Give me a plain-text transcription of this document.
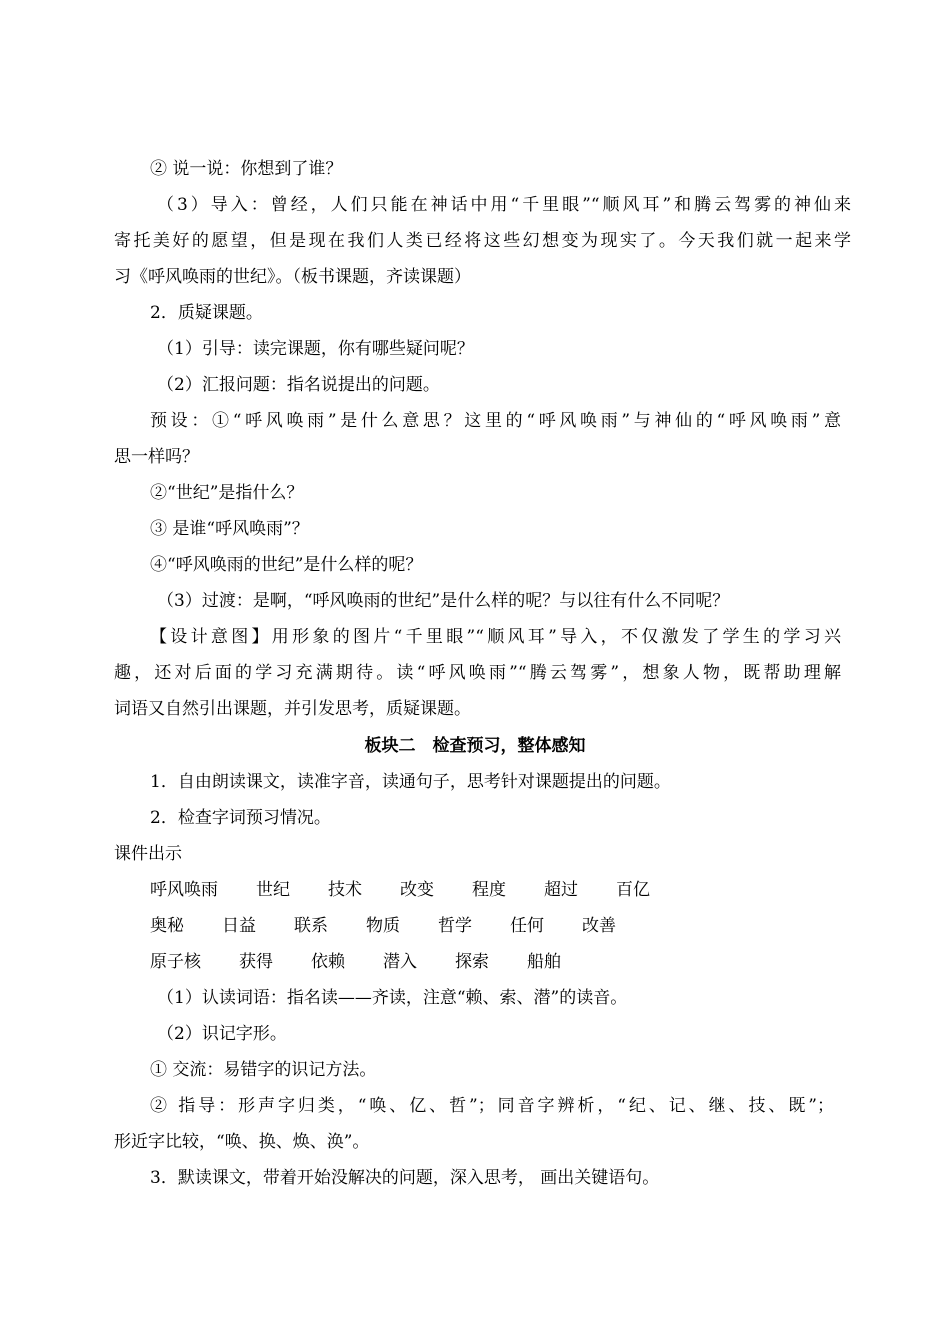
② 说一说：你想到了谁？
（3）导入：曾经，人们只能在神话中用“千里眼”“顺风耳”和腾云驾雾的神仙来
寄托美好的愿望，但是现在我们人类已经将这些幻想变为现实了。今天我们就一起来学
习《呼风唤雨的世纪》。（板书课题，齐读课题）
2．质疑课题。
（1）引导：读完课题，你有哪些疑问呢？
（2）汇报问题：指名说提出的问题。
预设：①“呼风唤雨”是什么意思？这里的“呼风唤雨”与神仙的“呼风唤雨”意
思一样吗？
②“世纪”是指什么？
③ 是谁“呼风唤雨”？
④“呼风唤雨的世纪”是什么样的呢？
（3）过渡：是啊，“呼风唤雨的世纪”是什么样的呢？与以往有什么不同呢？
【设计意图】用形象的图片“千里眼”“顺风耳”导入，不仅激发了学生的学习兴
趣，还对后面的学习充满期待。读“呼风唤雨”“腾云驾雾”，想象人物，既帮助理解
词语又自然引出课题，并引发思考，质疑课题。
板块二　检查预习，整体感知
1．自由朗读课文，读准字音，读通句子，思考针对课题提出的问题。
2．检查字词预习情况。
课件出示
呼风唤雨 世纪 技术 改变 程度 超过 百亿
奥秘 日益 联系 物质 哲学 任何 改善
原子核 获得 依赖 潜入 探索 船舶
（1）认读词语：指名读——齐读，注意“赖、索、潜”的读音。
（2）识记字形。
① 交流：易错字的识记方法。
② 指导：形声字归类，“唤、亿、哲”；同音字辨析，“纪、记、继、技、既”；
形近字比较，“唤、换、焕、涣”。
3．默读课文，带着开始没解决的问题，深入思考， 画出关键语句。
